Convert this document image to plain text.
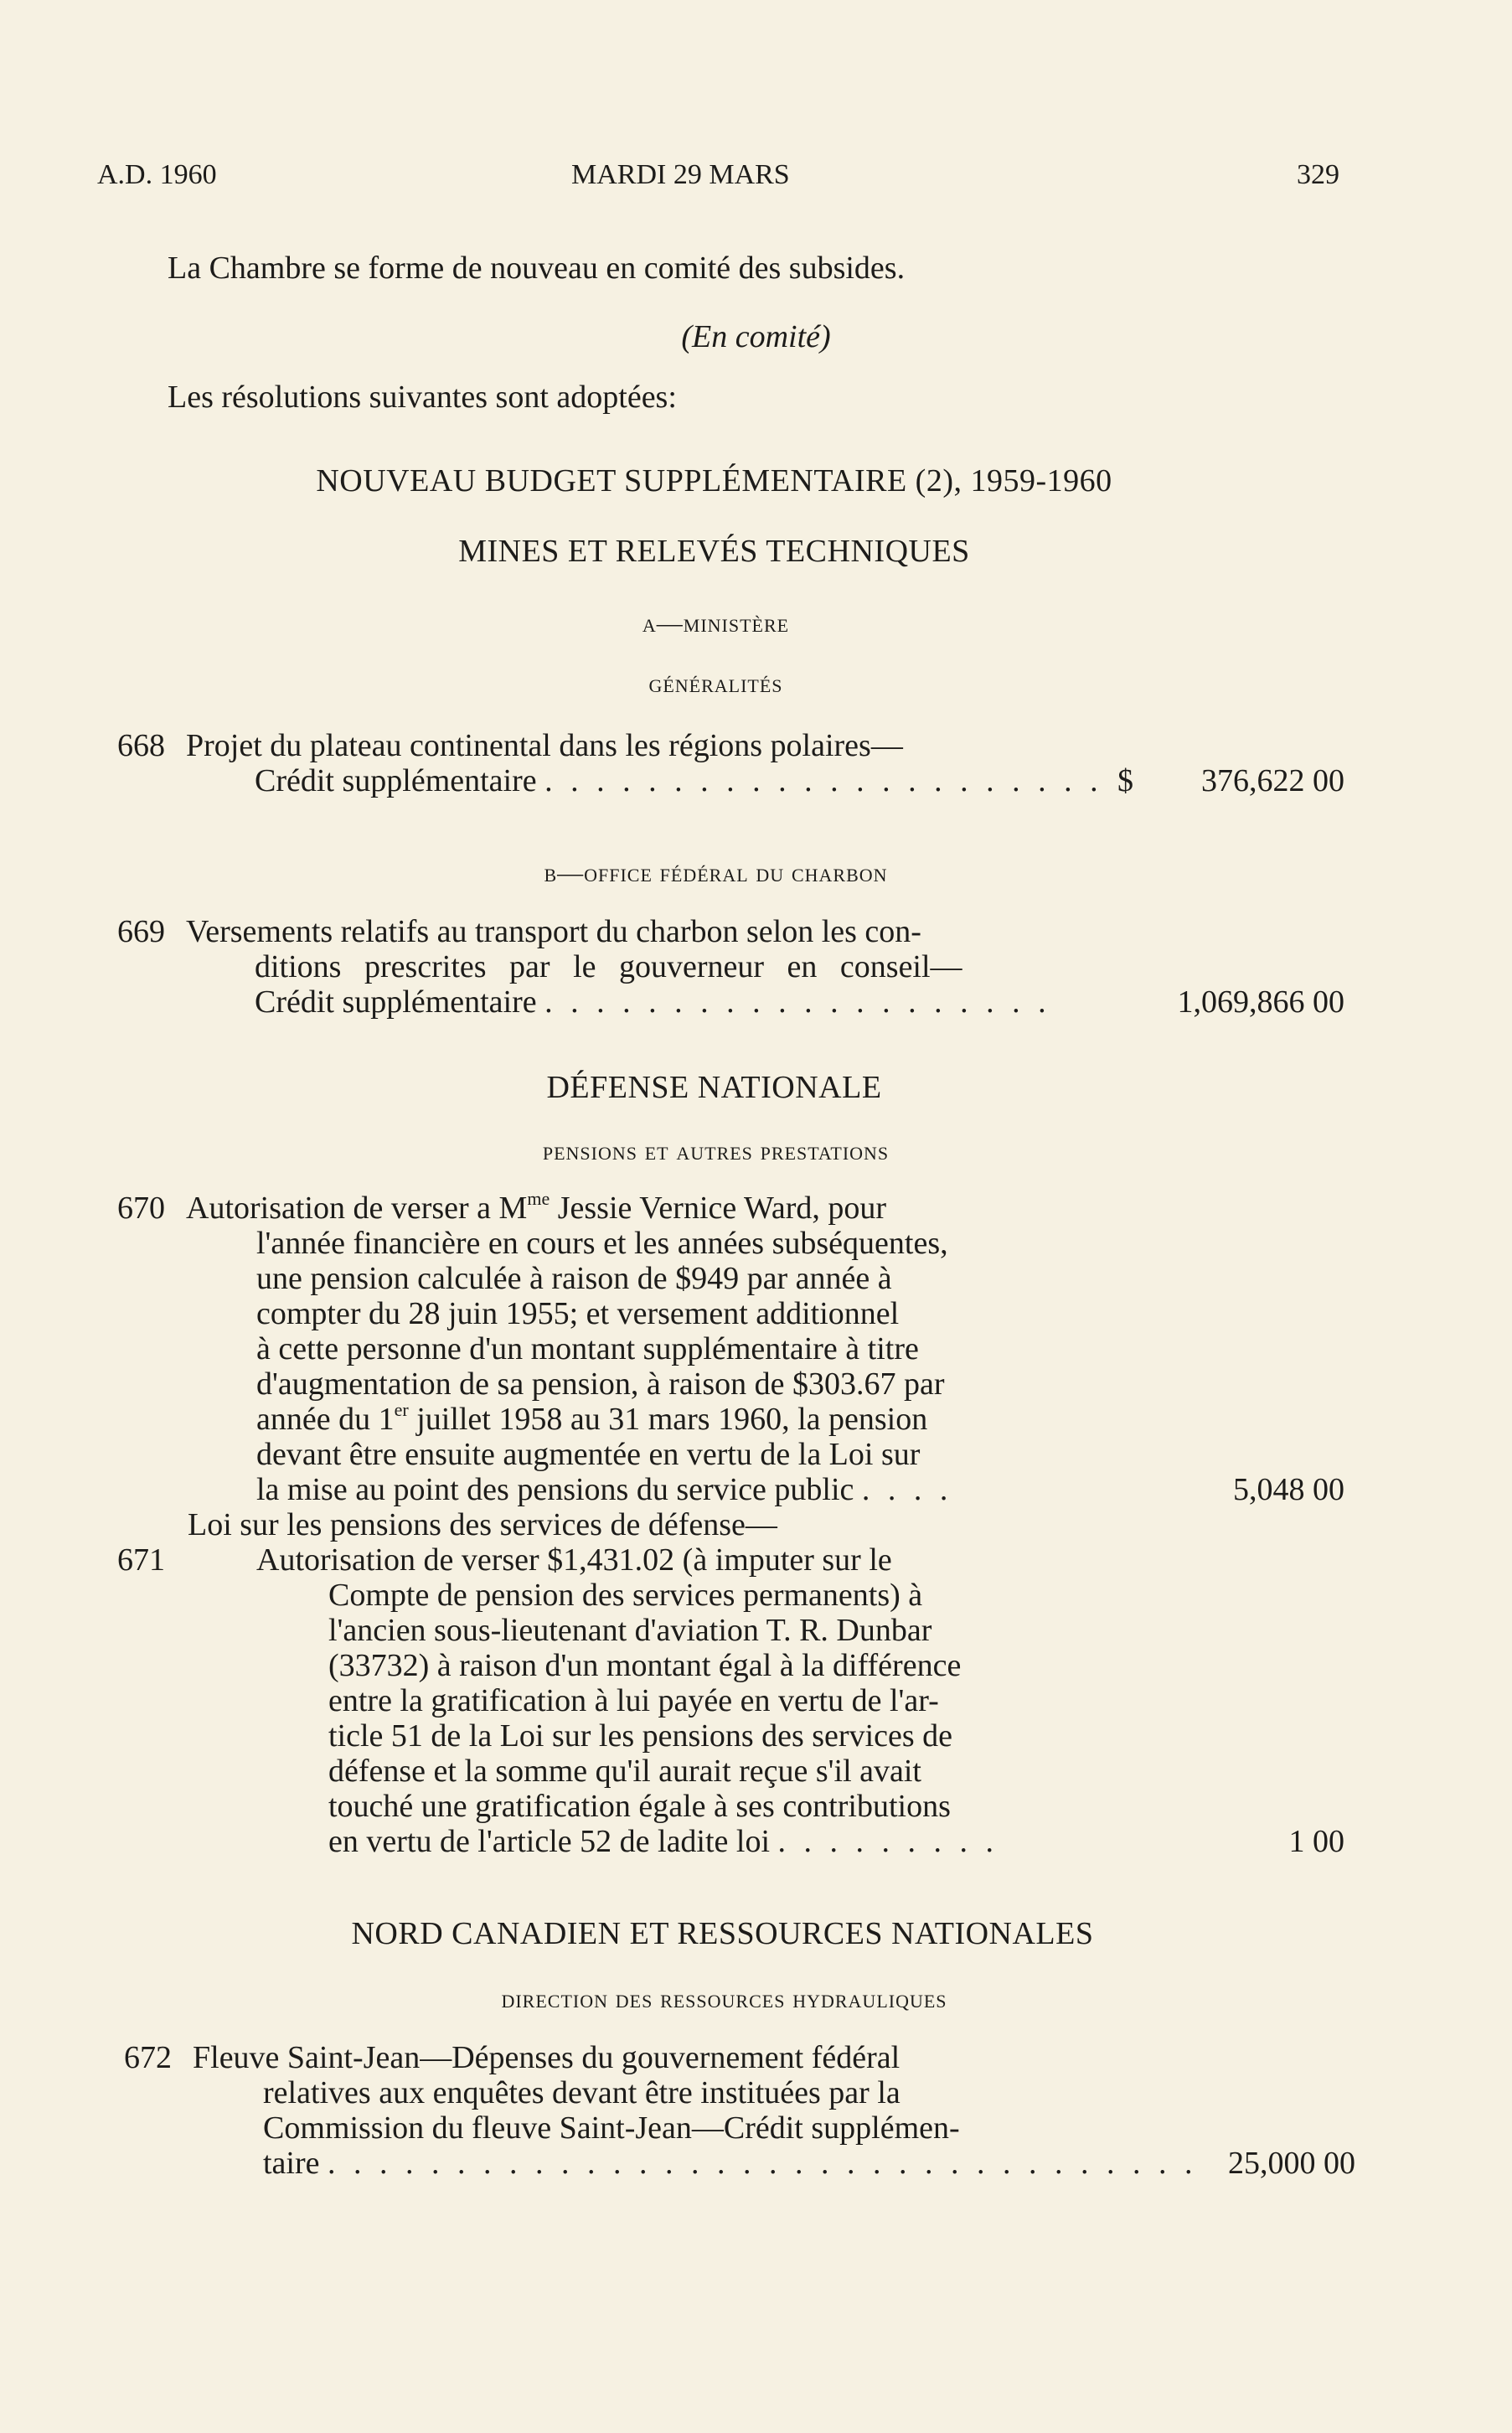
A.D. 1960	MARDI 29 MARS	329
La Chambre se forme de nouveau en comité des subsides.
(En comité)
Les résolutions suivantes sont adoptées:
NOUVEAU BUDGET SUPPLÉMENTAIRE (2), 1959-1960
MINES ET RELEVÉS TECHNIQUES
a—ministère
généralités
668 Projet du plateau continental dans les régions polaires—
Crédit supplémentaire . . . . . . . . . . . . . . . . . . . . . . $	376,622 00
b—office fédéral du charbon
669 Versements relatifs au transport du charbon selon les con-
ditions prescrites par le gouverneur en conseil—
Crédit supplémentaire . . . . . . . . . . . . . . . . . . . .	1,069,866 00
DÉFENSE NATIONALE
pensions et autres prestations
670 Autorisation de verser a $M^{me}$ Jessie Vernice Ward, pour
l'année financière en cours et les années subséquentes,
une pension calculée à raison de $949 par année à
compter du 28 juin 1955; et versement additionnel
à cette personne d'un montant supplémentaire à titre
d'augmentation de sa pension, à raison de $303.67 par
année du 1er juillet 1958 au 31 mars 1960, la pension
devant être ensuite augmentée en vertu de la Loi sur
la mise au point des pensions du service public . . . .	5,048 00
Loi sur les pensions des services de défense—
671	Autorisation de verser $1,431.02 (à imputer sur le
Compte de pension des services permanents) à
l'ancien sous-lieutenant d'aviation T. R. Dunbar
(33732) à raison d'un montant égal à la différence
entre la gratification à lui payée en vertu de l'ar-
ticle 51 de la Loi sur les pensions des services de
défense et la somme qu'il aurait reçue s'il avait
touché une gratification égale à ses contributions
en vertu de l'article 52 de ladite loi . . . . . . . . .	1 00
NORD CANADIEN ET RESSOURCES NATIONALES
direction des ressources hydrauliques
672 Fleuve Saint-Jean—Dépenses du gouvernement fédéral
relatives aux enquêtes devant être instituées par la
Commission du fleuve Saint-Jean—Crédit supplémen-
taire . . . . . . . . . . . . . . . . . . . . . . . . . . . . . . . . . . 25,000 00
